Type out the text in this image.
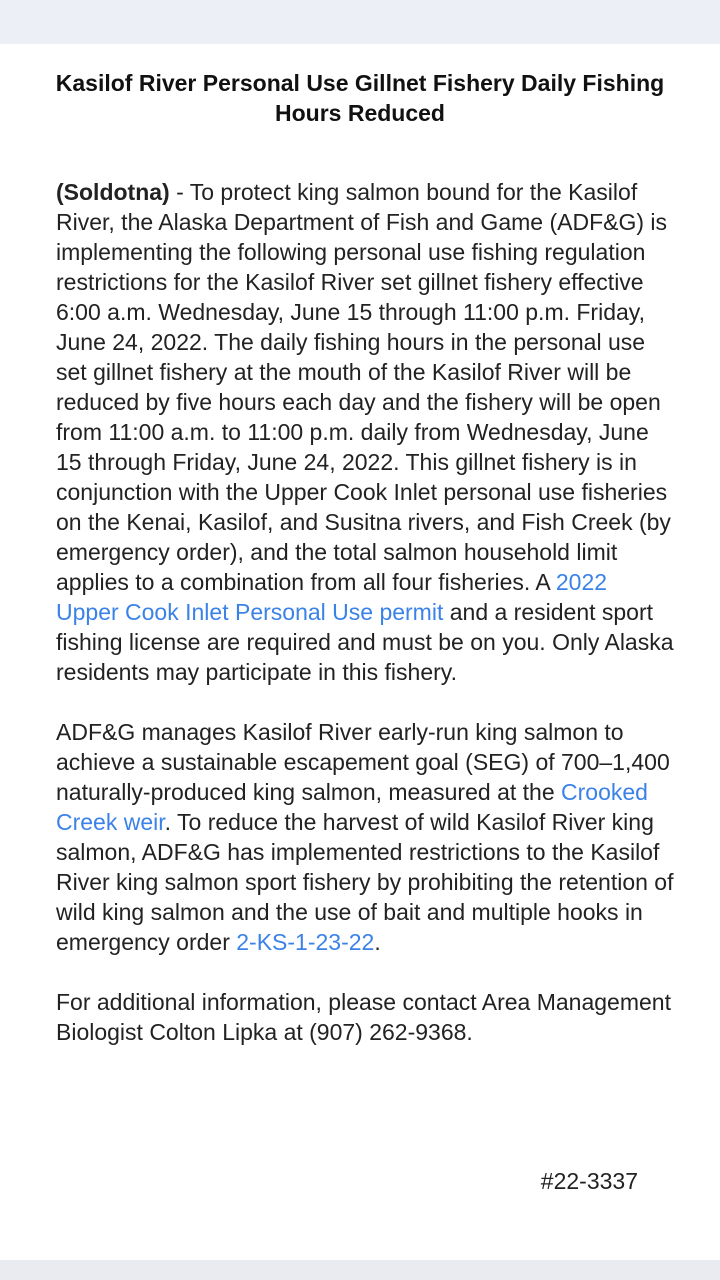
Kasilof River Personal Use Gillnet Fishery Daily Fishing Hours Reduced

(Soldotna) - To protect king salmon bound for the Kasilof River, the Alaska Department of Fish and Game (ADF&G) is implementing the following personal use fishing regulation restrictions for the Kasilof River set gillnet fishery effective 6:00 a.m. Wednesday, June 15 through 11:00 p.m. Friday, June 24, 2022. The daily fishing hours in the personal use set gillnet fishery at the mouth of the Kasilof River will be reduced by five hours each day and the fishery will be open from 11:00 a.m. to 11:00 p.m. daily from Wednesday, June 15 through Friday, June 24, 2022. This gillnet fishery is in conjunction with the Upper Cook Inlet personal use fisheries on the Kenai, Kasilof, and Susitna rivers, and Fish Creek (by emergency order), and the total salmon household limit applies to a combination from all four fisheries. A 2022 Upper Cook Inlet Personal Use permit and a resident sport fishing license are required and must be on you. Only Alaska residents may participate in this fishery.

ADF&G manages Kasilof River early-run king salmon to achieve a sustainable escapement goal (SEG) of 700–1,400 naturally-produced king salmon, measured at the Crooked Creek weir. To reduce the harvest of wild Kasilof River king salmon, ADF&G has implemented restrictions to the Kasilof River king salmon sport fishery by prohibiting the retention of wild king salmon and the use of bait and multiple hooks in emergency order 2-KS-1-23-22.

For additional information, please contact Area Management Biologist Colton Lipka at (907) 262-9368.

#22-3337
